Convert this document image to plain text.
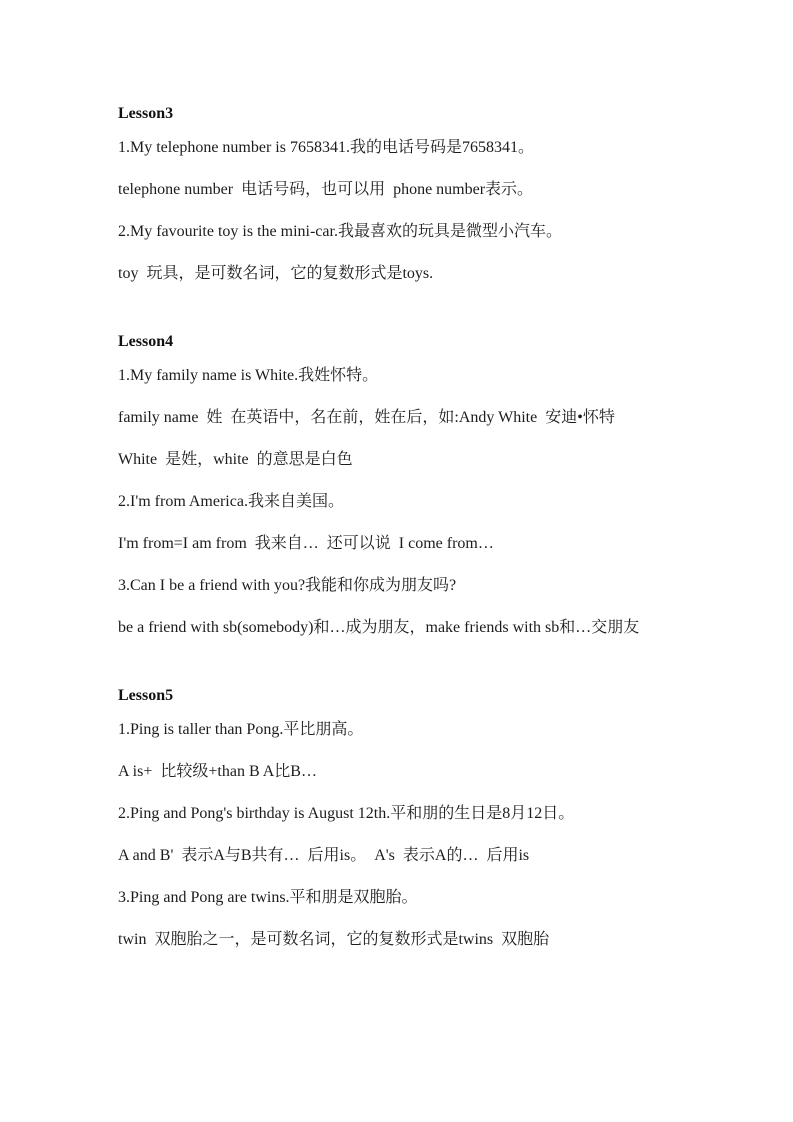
Lesson3

1.My telephone number is 7658341.我的电话号码是7658341。

telephone number  电话号码，也可以用  phone number表示。

2.My favourite toy is the mini-car.我最喜欢的玩具是微型小汽车。

toy  玩具，是可数名词，它的复数形式是toys.

Lesson4

1.My family name is White.我姓怀特。

family name  姓  在英语中，名在前，姓在后，如:Andy White  安迪•怀特

White  是姓，white  的意思是白色

2.I'm from America.我来自美国。

I'm from=I am from  我来自…  还可以说  I come from…

3.Can I be a friend with you?我能和你成为朋友吗?

be a friend with sb(somebody)和…成为朋友，make friends with sb和…交朋友

Lesson5

1.Ping is taller than Pong.平比朋高。

A is+  比较级+than B A比B…

2.Ping and Pong's birthday is August 12th.平和朋的生日是8月12日。

A and B'  表示A与B共有…  后用is。  A's  表示A的…  后用is

3.Ping and Pong are twins.平和朋是双胞胎。

twin  双胞胎之一，是可数名词，它的复数形式是twins  双胞胎
